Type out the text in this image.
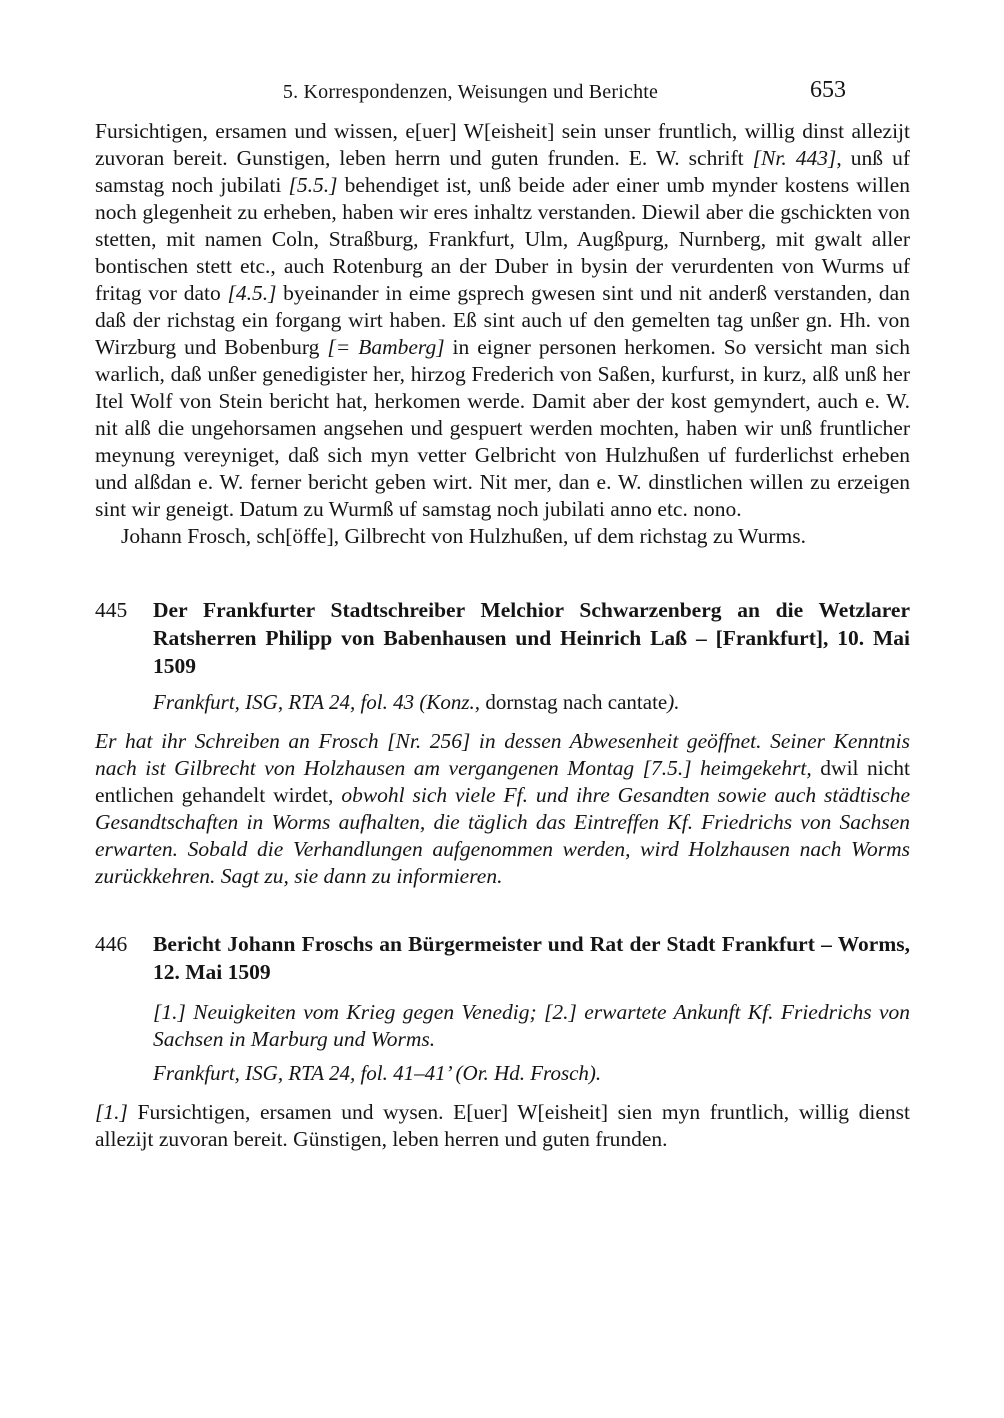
5. Korrespondenzen, Weisungen und Berichte	653

Fursichtigen, ersamen und wissen, e[uer] W[eisheit] sein unser fruntlich, willig dinst allezijt zuvoran bereit. Gunstigen, leben herrn und guten frunden. E. W. schrift [Nr. 443], unß uf samstag noch jubilati [5.5.] behendiget ist, unß beide ader einer umb mynder kostens willen noch glegenheit zu erheben, haben wir eres inhaltz verstanden. Diewil aber die gschickten von stetten, mit namen Coln, Straßburg, Frankfurt, Ulm, Augßpurg, Nurnberg, mit gwalt aller bontischen stett etc., auch Rotenburg an der Duber in bysin der verurdenten von Wurms uf fritag vor dato [4.5.] byeinander in eime gsprech gwesen sint und nit anderß verstanden, dan daß der richstag ein forgang wirt haben. Eß sint auch uf den gemelten tag unßer gn. Hh. von Wirzburg und Bobenburg [= Bamberg] in eigner personen herkomen. So versicht man sich warlich, daß unßer genedigister her, hirzog Frederich von Saßen, kurfurst, in kurz, alß unß her Itel Wolf von Stein bericht hat, herkomen werde. Damit aber der kost gemyndert, auch e. W. nit alß die ungehorsamen angsehen und gespuert werden mochten, haben wir unß fruntlicher meynung vereyniget, daß sich myn vetter Gelbricht von Hulzhußen uf furderlichst erheben und alßdan e. W. ferner bericht geben wirt. Nit mer, dan e. W. dinstlichen willen zu erzeigen sint wir geneigt. Datum zu Wurmß uf samstag noch jubilati anno etc. nono.

Johann Frosch, sch[öffe], Gilbrecht von Hulzhußen, uf dem richstag zu Wurms.

445	Der Frankfurter Stadtschreiber Melchior Schwarzenberg an die Wetzlarer Ratsherren Philipp von Babenhausen und Heinrich Laß – [Frankfurt], 10. Mai 1509

Frankfurt, ISG, RTA 24, fol. 43 (Konz., dornstag nach cantate).

Er hat ihr Schreiben an Frosch [Nr. 256] in dessen Abwesenheit geöffnet. Seiner Kenntnis nach ist Gilbrecht von Holzhausen am vergangenen Montag [7.5.] heimgekehrt, dwil nicht entlichen gehandelt wirdet, obwohl sich viele Ff. und ihre Gesandten sowie auch städtische Gesandtschaften in Worms aufhalten, die täglich das Eintreffen Kf. Friedrichs von Sachsen erwarten. Sobald die Verhandlungen aufgenommen werden, wird Holzhausen nach Worms zurückkehren. Sagt zu, sie dann zu informieren.

446	Bericht Johann Froschs an Bürgermeister und Rat der Stadt Frankfurt – Worms, 12. Mai 1509

[1.] Neuigkeiten vom Krieg gegen Venedig; [2.] erwartete Ankunft Kf. Friedrichs von Sachsen in Marburg und Worms.

Frankfurt, ISG, RTA 24, fol. 41–41’ (Or. Hd. Frosch).

[1.] Fursichtigen, ersamen und wysen. E[uer] W[eisheit] sien myn fruntlich, willig dienst allezijt zuvoran bereit. Günstigen, leben herren und guten frunden.
